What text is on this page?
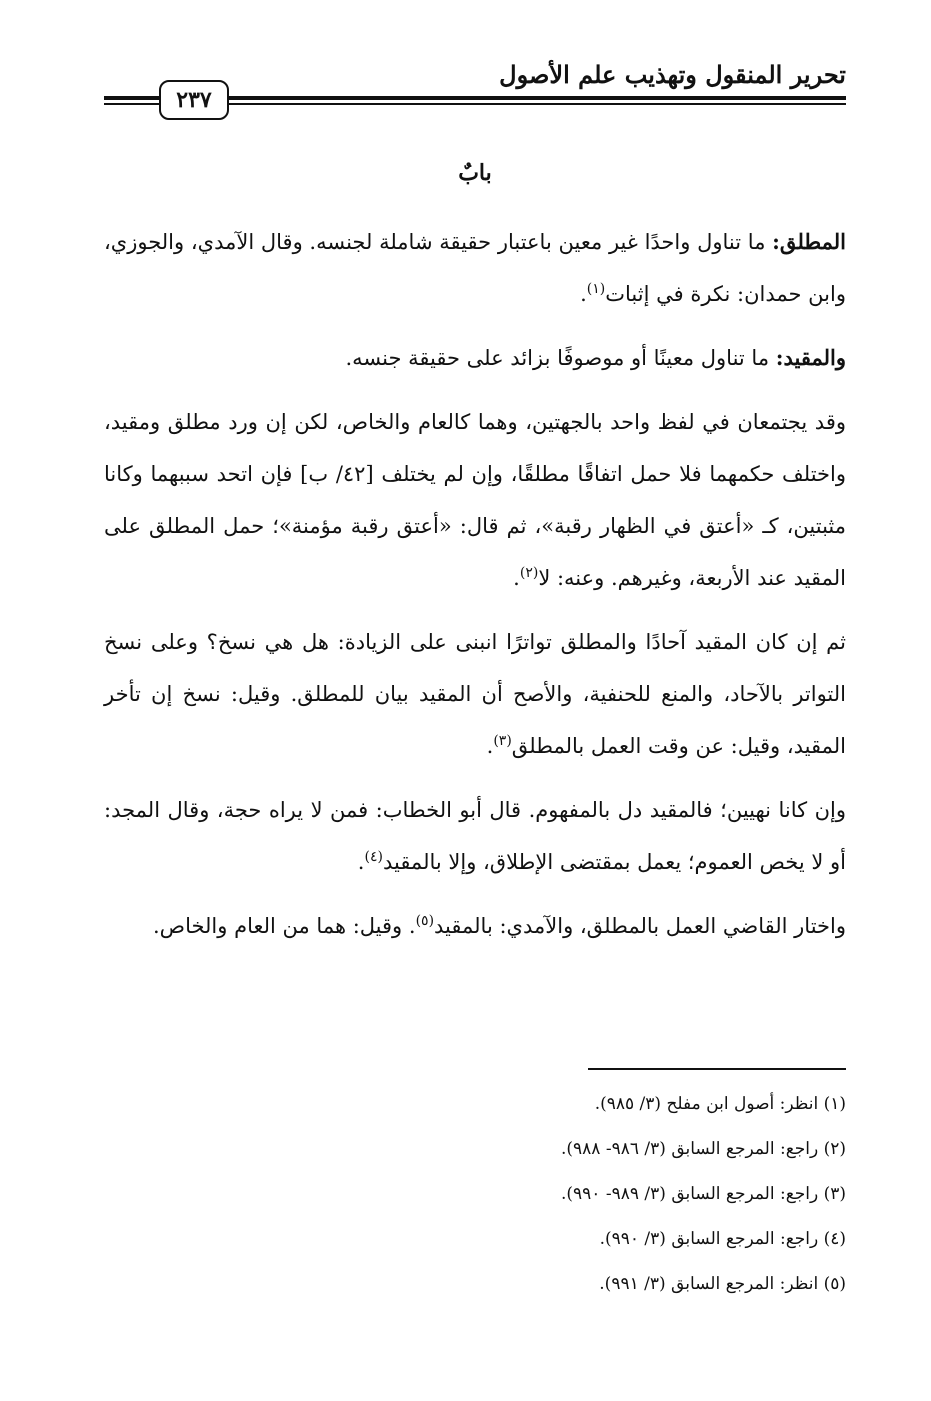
تحرير المنقول وتهذيب علم الأصول
٢٣٧
بابٌ

المطلق: ما تناول واحدًا غير معين باعتبار حقيقة شاملة لجنسه. وقال الآمدي، والجوزي، وابن حمدان: نكرة في إثبات$^{(١)}$.

والمقيد: ما تناول معينًا أو موصوفًا بزائد على حقيقة جنسه.

وقد يجتمعان في لفظ واحد بالجهتين، وهما كالعام والخاص، لكن إن ورد مطلق ومقيد، واختلف حكمهما فلا حمل اتفاقًا مطلقًا، وإن لم يختلف [٤٢/ ب] فإن اتحد سببهما وكانا مثبتين، كـ «أعتق في الظهار رقبة»، ثم قال: «أعتق رقبة مؤمنة»؛ حمل المطلق على المقيد عند الأربعة، وغيرهم. وعنه: لا$^{(٢)}$.

ثم إن كان المقيد آحادًا والمطلق تواترًا انبنى على الزيادة: هل هي نسخ؟ وعلى نسخ التواتر بالآحاد، والمنع للحنفية، والأصح أن المقيد بيان للمطلق. وقيل: نسخ إن تأخر المقيد، وقيل: عن وقت العمل بالمطلق$^{(٣)}$.

وإن كانا نهيين؛ فالمقيد دل بالمفهوم. قال أبو الخطاب: فمن لا يراه حجة، وقال المجد: أو لا يخص العموم؛ يعمل بمقتضى الإطلاق، وإلا بالمقيد$^{(٤)}$.

واختار القاضي العمل بالمطلق، والآمدي: بالمقيد$^{(٥)}$. وقيل: هما من العام والخاص.

(١) انظر: أصول ابن مفلح (٣/ ٩٨٥).
(٢) راجع: المرجع السابق (٣/ ٩٨٦- ٩٨٨).
(٣) راجع: المرجع السابق (٣/ ٩٨٩- ٩٩٠).
(٤) راجع: المرجع السابق (٣/ ٩٩٠).
(٥) انظر: المرجع السابق (٣/ ٩٩١).
